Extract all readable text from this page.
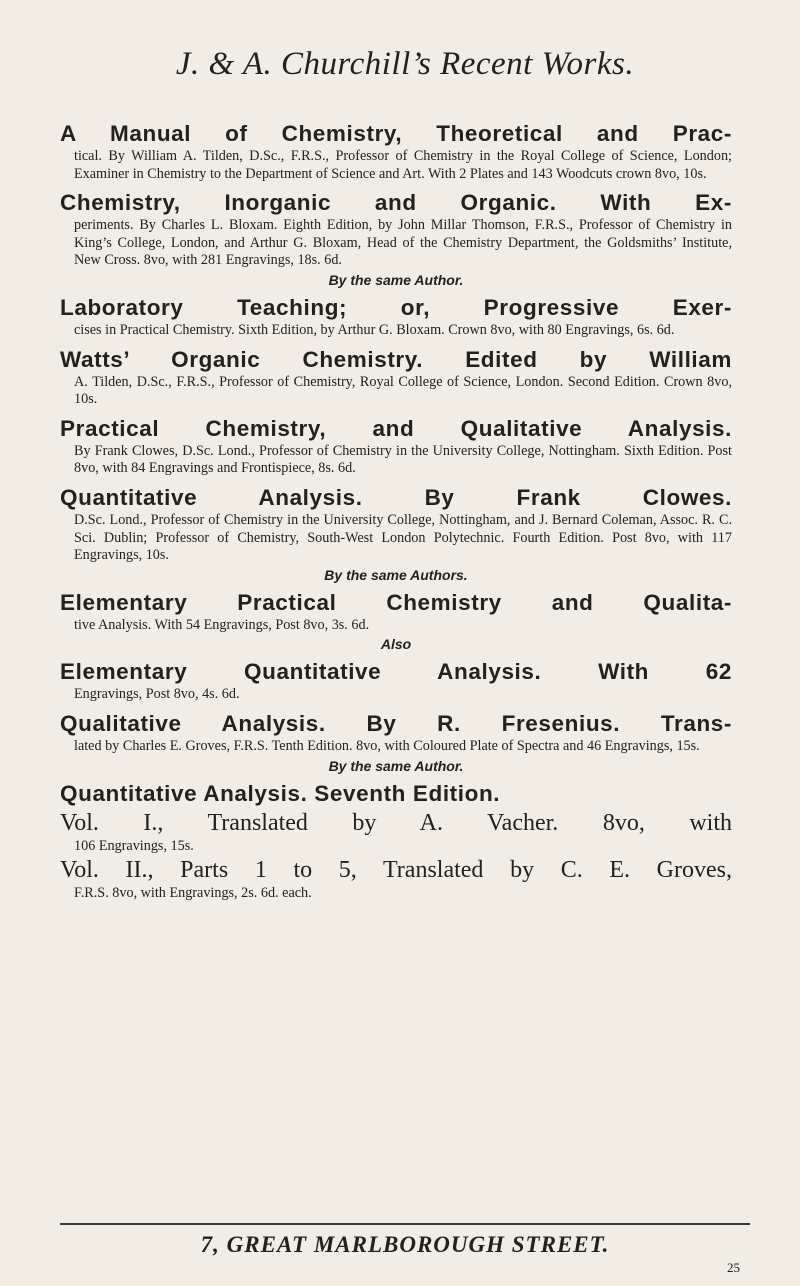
J. & A. Churchill’s Recent Works.
A Manual of Chemistry, Theoretical and Prac-
tical. By William A. Tilden, D.Sc., F.R.S., Professor of Chemistry in the Royal College of Science, London; Examiner in Chemistry to the Department of Science and Art. With 2 Plates and 143 Woodcuts crown 8vo, 10s.
Chemistry, Inorganic and Organic. With Ex-
periments. By Charles L. Bloxam. Eighth Edition, by John Millar Thomson, F.R.S., Professor of Chemistry in King’s College, London, and Arthur G. Bloxam, Head of the Chemistry Department, the Goldsmiths’ Institute, New Cross. 8vo, with 281 Engravings, 18s. 6d.
By the same Author.
Laboratory Teaching; or, Progressive Exer-
cises in Practical Chemistry. Sixth Edition, by Arthur G. Bloxam. Crown 8vo, with 80 Engravings, 6s. 6d.
Watts’ Organic Chemistry. Edited by William
A. Tilden, D.Sc., F.R.S., Professor of Chemistry, Royal College of Science, London. Second Edition. Crown 8vo, 10s.
Practical Chemistry, and Qualitative Analysis.
By Frank Clowes, D.Sc. Lond., Professor of Chemistry in the University College, Nottingham. Sixth Edition. Post 8vo, with 84 Engravings and Frontispiece, 8s. 6d.
Quantitative Analysis. By Frank Clowes.
D.Sc. Lond., Professor of Chemistry in the University College, Nottingham, and J. Bernard Coleman, Assoc. R. C. Sci. Dublin; Professor of Chemistry, South-West London Polytechnic. Fourth Edition. Post 8vo, with 117 Engravings, 10s.
By the same Authors.
Elementary Practical Chemistry and Qualita-
tive Analysis. With 54 Engravings, Post 8vo, 3s. 6d.
Also
Elementary Quantitative Analysis. With 62
Engravings, Post 8vo, 4s. 6d.
Qualitative Analysis. By R. Fresenius. Trans-
lated by Charles E. Groves, F.R.S. Tenth Edition. 8vo, with Coloured Plate of Spectra and 46 Engravings, 15s.
By the same Author.
Quantitative Analysis. Seventh Edition.
Vol. I., Translated by A. Vacher. 8vo, with
106 Engravings, 15s.
Vol. II., Parts 1 to 5, Translated by C. E. Groves,
F.R.S. 8vo, with Engravings, 2s. 6d. each.
7, GREAT MARLBOROUGH STREET.
25
